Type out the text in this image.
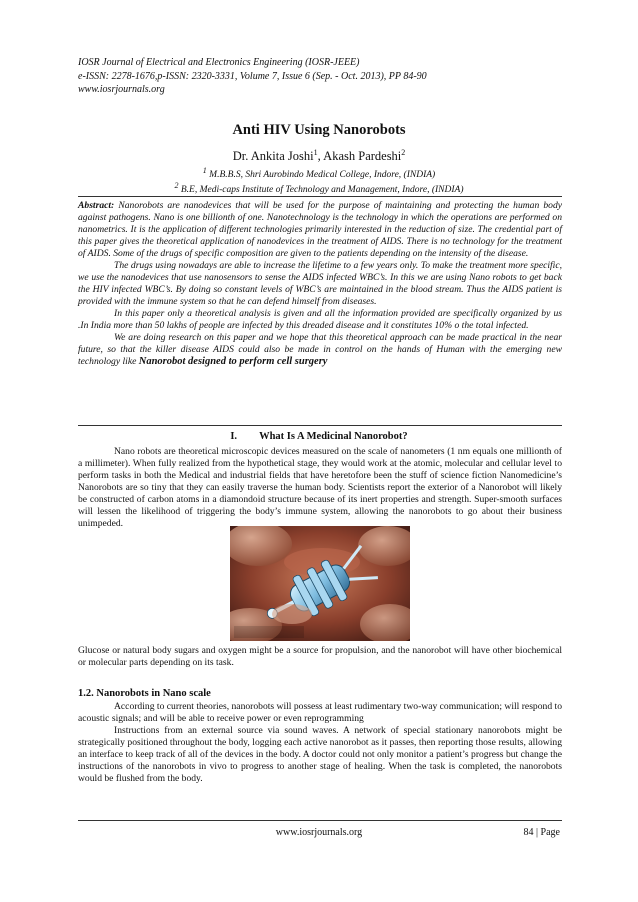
IOSR Journal of Electrical and Electronics Engineering (IOSR-JEEE)
e-ISSN: 2278-1676,p-ISSN: 2320-3331, Volume 7, Issue 6 (Sep. - Oct. 2013), PP 84-90
www.iosrjournals.org
Anti HIV Using Nanorobots
Dr. Ankita Joshi$^1$, Akash Pardeshi$^2$
$^1$ M.B.B.S, Shri Aurobindo Medical College, Indore, (INDIA)
$^2$ B.E, Medi-caps Institute of Technology and Management, Indore, (INDIA)

Abstract: Nanorobots are nanodevices that will be used for the purpose of maintaining and protecting the human body against pathogens. Nano is one billionth of one. Nanotechnology is the technology in which the operations are performed on nanometrics. It is the application of different technologies primarily interested in the reduction of size. The credential part of this paper gives the theoretical application of nanodevices in the treatment of AIDS. There is no technology for the treatment of AIDS. Some of the drugs of specific composition are given to the patients depending on the intensity of the disease.

The drugs using nowadays are able to increase the lifetime to a few years only. To make the treatment more specific, we use the nanodevices that use nanosensors to sense the AIDS infected WBC’s. In this we are using Nano robots to get back the HIV infected WBC’s. By doing so constant levels of WBC’s are maintained in the blood stream. Thus the AIDS patient is provided with the immune system so that he can defend himself from diseases.

In this paper only a theoretical analysis is given and all the information provided are specifically organized by us .In India more than 50 lakhs of people are infected by this dreaded disease and it constitutes 10% o the total infected.

We are doing research on this paper and we hope that this theoretical approach can be made practical in the near future, so that the killer disease AIDS could also be made in control on the hands of Human with the emerging new technology like Nanorobot designed to perform cell surgery

I. What Is A Medicinal Nanorobot?

Nano robots are theoretical microscopic devices measured on the scale of nanometers (1 nm equals one millionth of a millimeter). When fully realized from the hypothetical stage, they would work at the atomic, molecular and cellular level to perform tasks in both the Medical and industrial fields that have heretofore been the stuff of science fiction Nanomedicine’s Nanorobots are so tiny that they can easily traverse the human body. Scientists report the exterior of a Nanorobot will likely be constructed of carbon atoms in a diamondoid structure because of its inert properties and strength. Super-smooth surfaces will lessen the likelihood of triggering the body’s immune system, allowing the nanorobots to go about their business unimpeded.

Glucose or natural body sugars and oxygen might be a source for propulsion, and the nanorobot will have other biochemical or molecular parts depending on its task.

1.2. Nanorobots in Nano scale

According to current theories, nanorobots will possess at least rudimentary two-way communication; will respond to acoustic signals; and will be able to receive power or even reprogramming

Instructions from an external source via sound waves. A network of special stationary nanorobots might be strategically positioned throughout the body, logging each active nanorobot as it passes, then reporting those results, allowing an interface to keep track of all of the devices in the body. A doctor could not only monitor a patient’s progress but change the instructions of the nanorobots in vivo to progress to another stage of healing. When the task is completed, the nanorobots would be flushed from the body.

www.iosrjournals.org	84 | Page
